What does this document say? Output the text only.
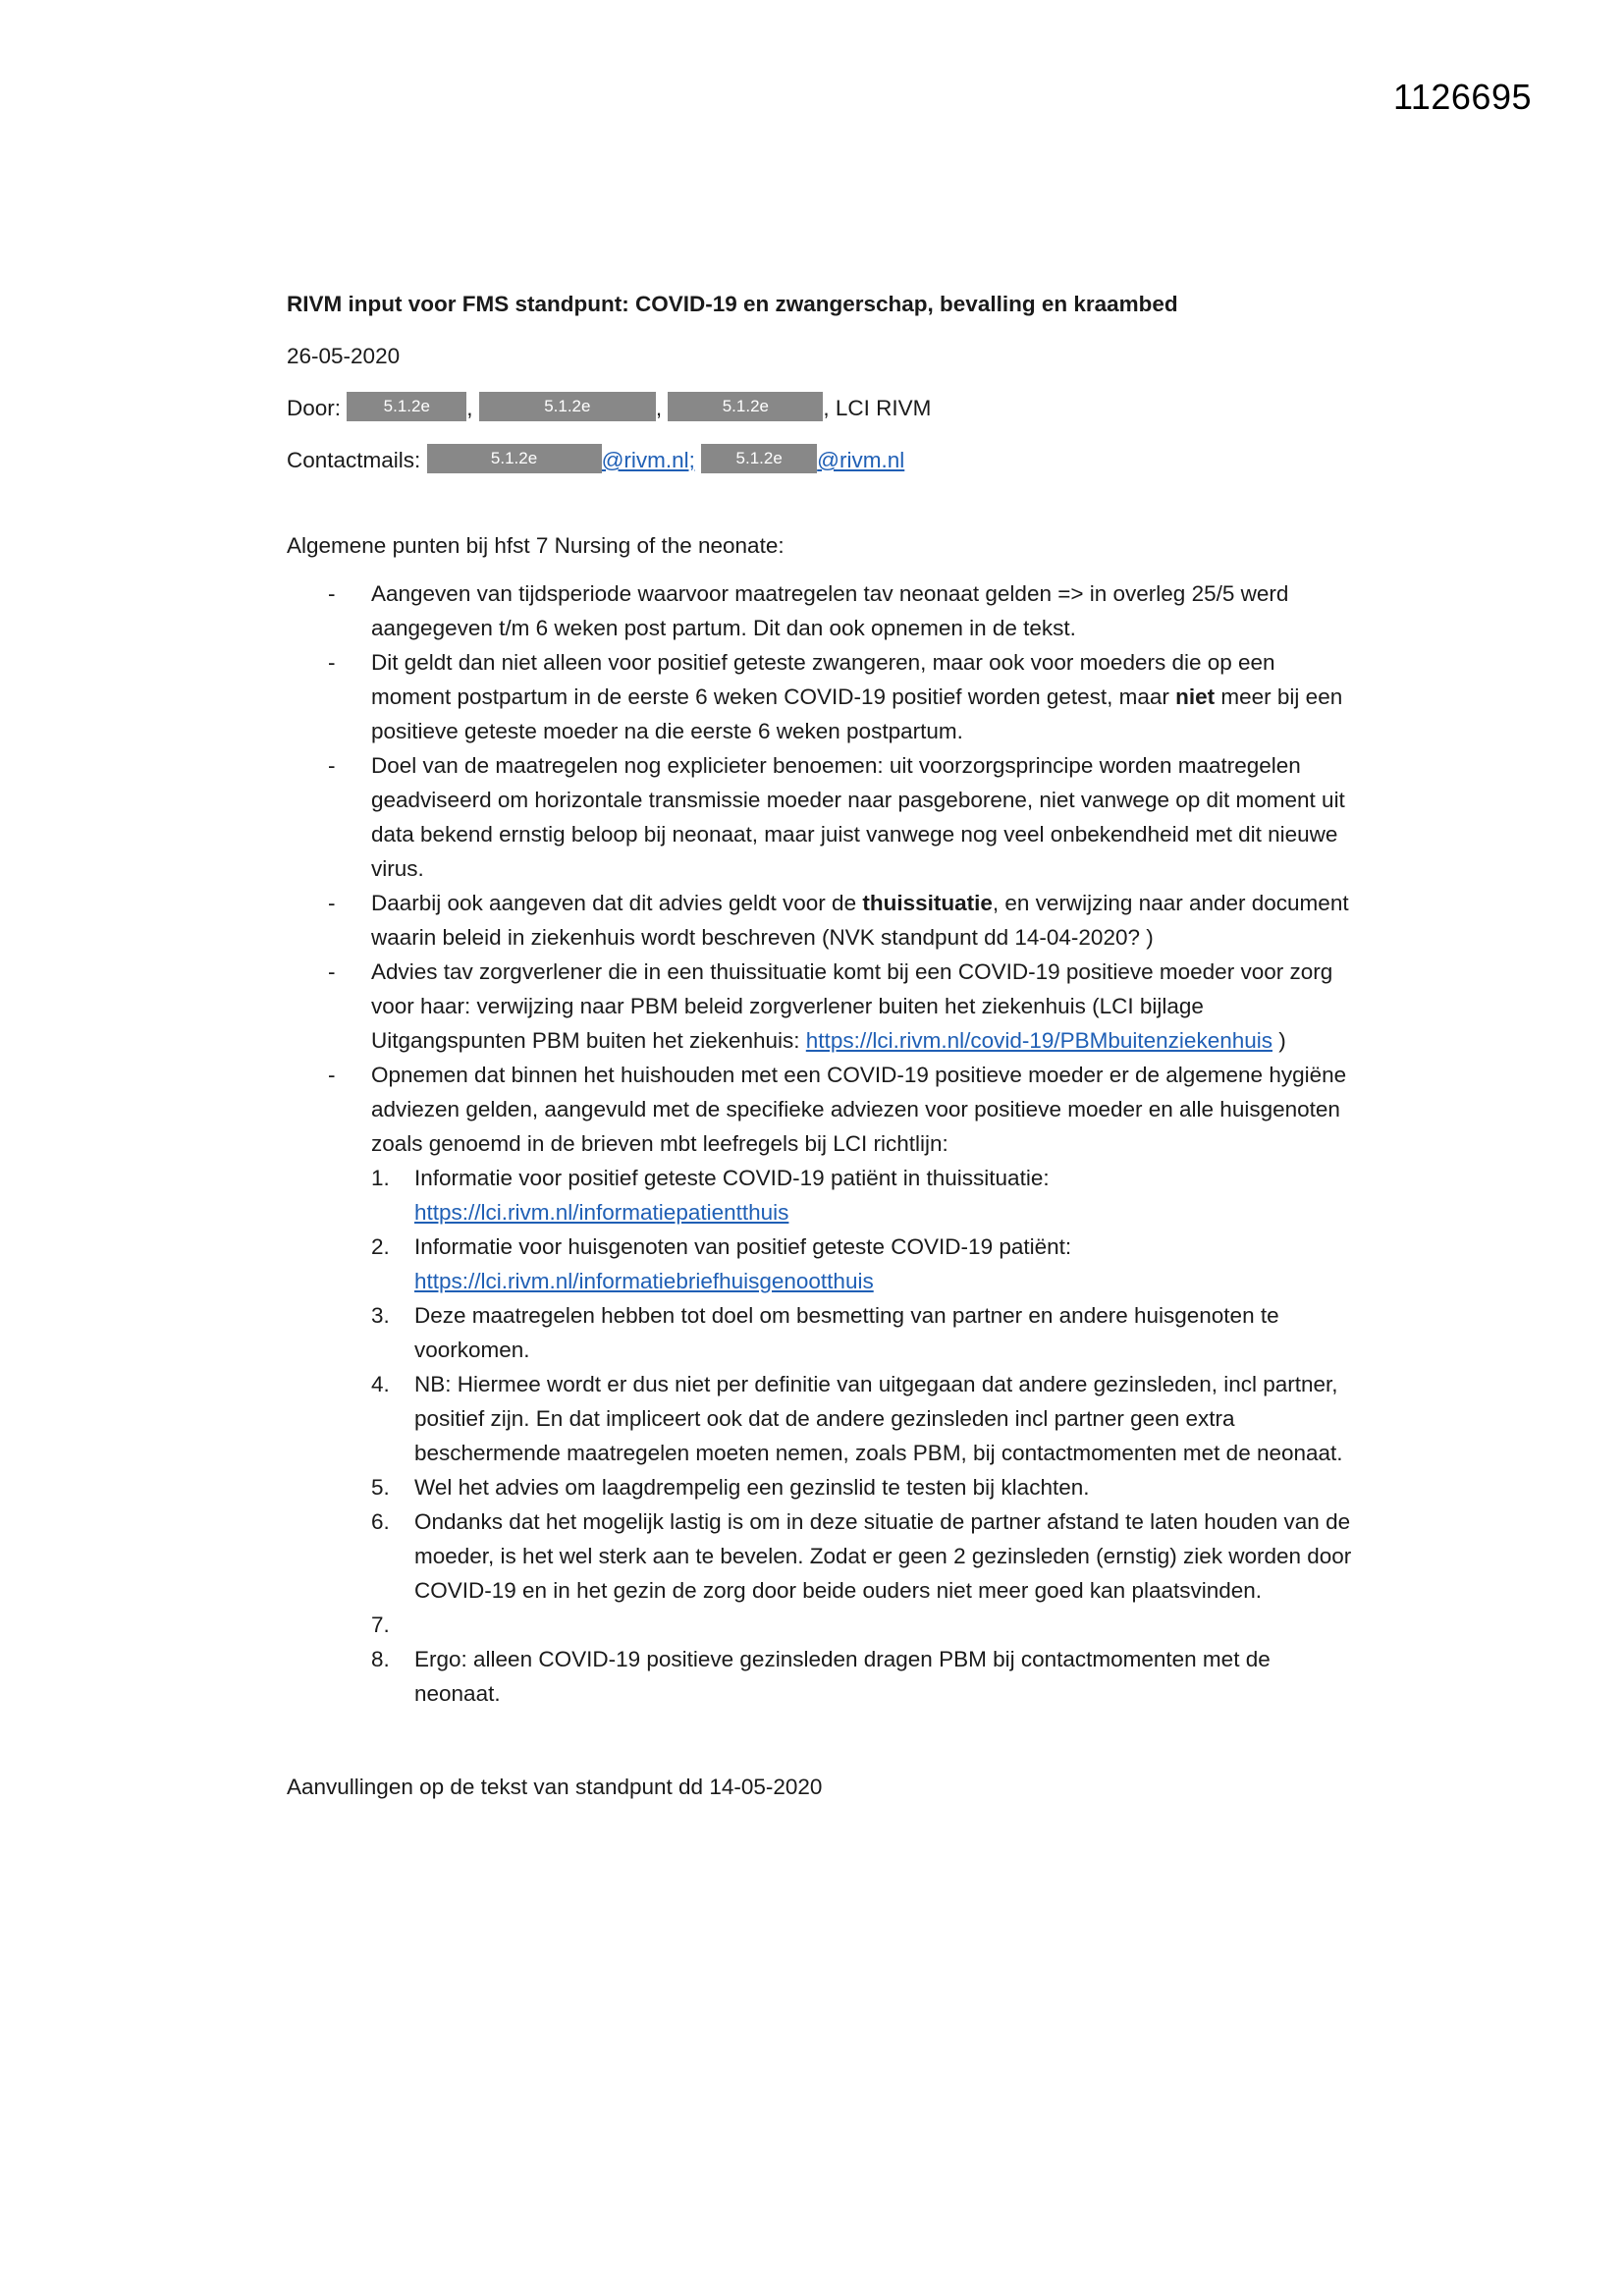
1126695

RIVM input voor FMS standpunt: COVID-19 en zwangerschap, bevalling en kraambed

26-05-2020

Door:	5.1.2e ,	5.1.2e	,	5.1.2e , LCI RIVM

Contactmails:	5.1.2e	@rivm.nl; 5.1.2e @rivm.nl

Algemene punten bij hfst 7 Nursing of the neonate:

- Aangeven van tijdsperiode waarvoor maatregelen tav neonaat gelden => in overleg 25/5 werd aangegeven t/m 6 weken post partum. Dit dan ook opnemen in de tekst.
- Dit geldt dan niet alleen voor positief geteste zwangeren, maar ook voor moeders die op een moment postpartum in de eerste 6 weken COVID-19 positief worden getest, maar niet meer bij een positieve geteste moeder na die eerste 6 weken postpartum.
- Doel van de maatregelen nog explicieter benoemen: uit voorzorgsprincipe worden maatregelen geadviseerd om horizontale transmissie moeder naar pasgeborene, niet vanwege op dit moment uit data bekend ernstig beloop bij neonaat, maar juist vanwege nog veel onbekendheid met dit nieuwe virus.
- Daarbij ook aangeven dat dit advies geldt voor de thuissituatie, en verwijzing naar ander document waarin beleid in ziekenhuis wordt beschreven (NVK standpunt dd 14-04-2020? )
- Advies tav zorgverlener die in een thuissituatie komt bij een COVID-19 positieve moeder voor zorg voor haar: verwijzing naar PBM beleid zorgverlener buiten het ziekenhuis (LCI bijlage Uitgangspunten PBM buiten het ziekenhuis: https://lci.rivm.nl/covid-19/PBMbuitenziekenhuis )
- Opnemen dat binnen het huishouden met een COVID-19 positieve moeder er de algemene hygiëne adviezen gelden, aangevuld met de specifieke adviezen voor positieve moeder en alle huisgenoten zoals genoemd in de brieven mbt leefregels bij LCI richtlijn:
1. Informatie voor positief geteste COVID-19 patiënt in thuissituatie:
https://lci.rivm.nl/informatiepatientthuis
2. Informatie voor huisgenoten van positief geteste COVID-19 patiënt:
https://lci.rivm.nl/informatiebriefhuisgenootthuis
3. Deze maatregelen hebben tot doel om besmetting van partner en andere huisgenoten te voorkomen.
4. NB: Hiermee wordt er dus niet per definitie van uitgegaan dat andere gezinsleden, incl partner, positief zijn. En dat impliceert ook dat de andere gezinsleden incl partner geen extra beschermende maatregelen moeten nemen, zoals PBM, bij contactmomenten met de neonaat.
5. Wel het advies om laagdrempelig een gezinslid te testen bij klachten.
6. Ondanks dat het mogelijk lastig is om in deze situatie de partner afstand te laten houden van de moeder, is het wel sterk aan te bevelen. Zodat er geen 2 gezinsleden (ernstig) ziek worden door COVID-19 en in het gezin de zorg door beide ouders niet meer goed kan plaatsvinden.
7.
8. Ergo: alleen COVID-19 positieve gezinsleden dragen PBM bij contactmomenten met de neonaat.

Aanvullingen op de tekst van standpunt dd 14-05-2020
